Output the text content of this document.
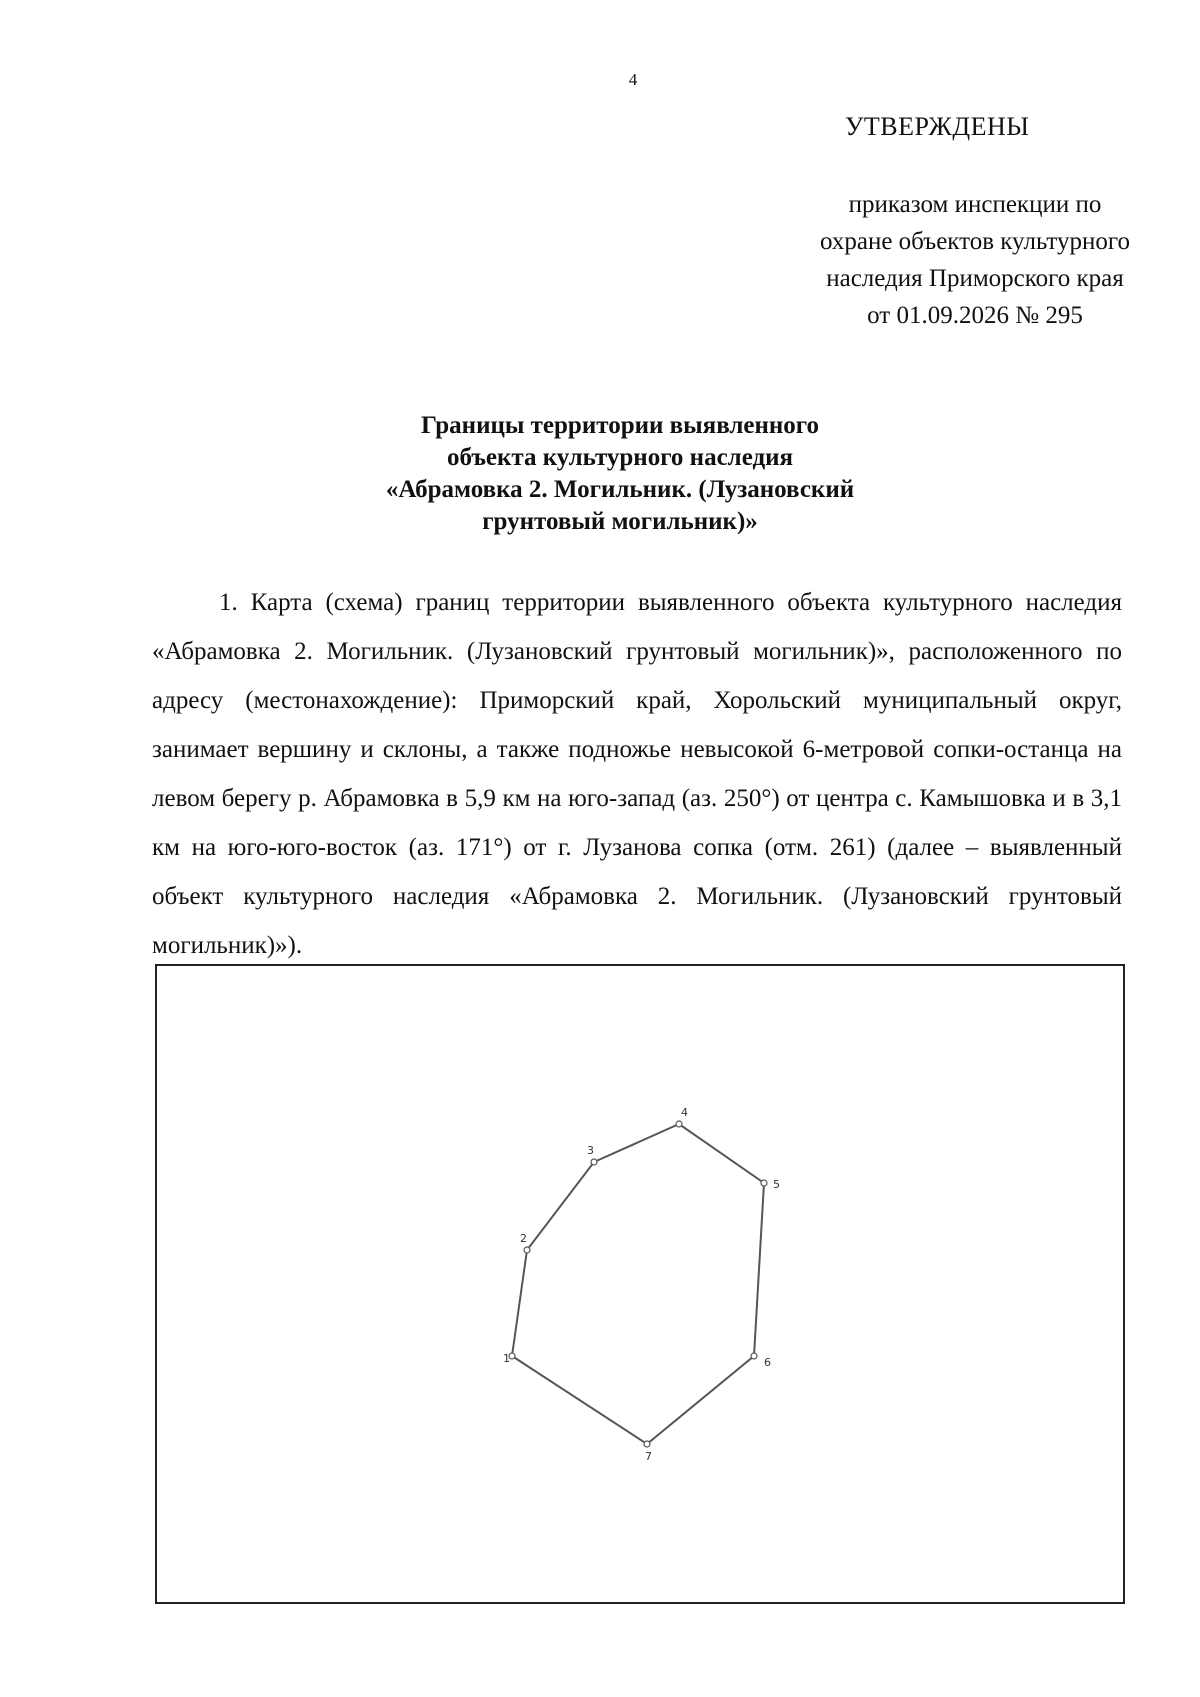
4
УТВЕРЖДЕНЫ
приказом инспекции по
охране объектов культурного
наследия Приморского края
от 01.09.2026 № 295
Границы территории выявленного
объекта культурного наследия
«Абрамовка 2. Могильник. (Лузановский
грунтовый могильник)»
1. Карта (схема) границ территории выявленного объекта культурного наследия «Абрамовка 2. Могильник. (Лузановский грунтовый могильник)», расположенного по адресу (местонахождение): Приморский край, Хорольский муниципальный округ, занимает вершину и склоны, а также подножье невысокой 6-метровой сопки-останца на левом берегу р. Абрамовка в 5,9 км на юго-запад (аз. 250°) от центра с. Камышовка и в 3,1 км на юго-юго-восток (аз. 171°) от г. Лузанова сопка (отм. 261) (далее – выявленный объект культурного наследия «Абрамовка 2. Могильник. (Лузановский грунтовый могильник)»).
1
2
3
4
5
6
7
